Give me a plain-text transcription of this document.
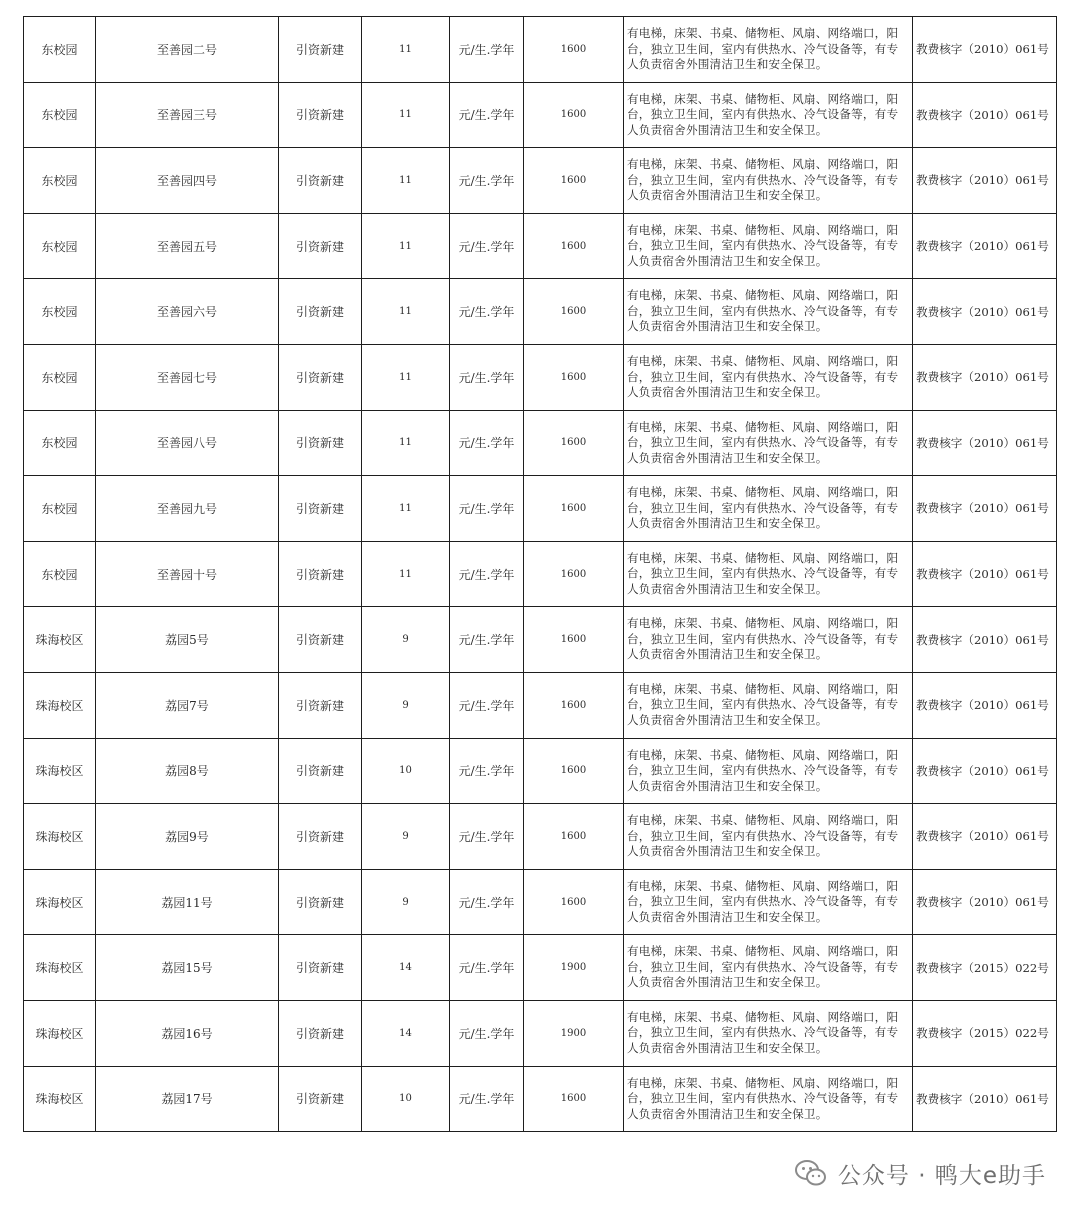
东校园	至善园二号	引资新建	11	元/生.学年	1600	有电梯，床架、书桌、储物柜、风扇、网络端口，阳台，独立卫生间，室内有供热水、冷气设备等，有专人负责宿舍外围清洁卫生和安全保卫。	教费核字（2010）061号
东校园	至善园三号	引资新建	11	元/生.学年	1600	有电梯，床架、书桌、储物柜、风扇、网络端口，阳台，独立卫生间，室内有供热水、冷气设备等，有专人负责宿舍外围清洁卫生和安全保卫。	教费核字（2010）061号
东校园	至善园四号	引资新建	11	元/生.学年	1600	有电梯，床架、书桌、储物柜、风扇、网络端口，阳台，独立卫生间，室内有供热水、冷气设备等，有专人负责宿舍外围清洁卫生和安全保卫。	教费核字（2010）061号
东校园	至善园五号	引资新建	11	元/生.学年	1600	有电梯，床架、书桌、储物柜、风扇、网络端口，阳台，独立卫生间，室内有供热水、冷气设备等，有专人负责宿舍外围清洁卫生和安全保卫。	教费核字（2010）061号
东校园	至善园六号	引资新建	11	元/生.学年	1600	有电梯，床架、书桌、储物柜、风扇、网络端口，阳台，独立卫生间，室内有供热水、冷气设备等，有专人负责宿舍外围清洁卫生和安全保卫。	教费核字（2010）061号
东校园	至善园七号	引资新建	11	元/生.学年	1600	有电梯，床架、书桌、储物柜、风扇、网络端口，阳台，独立卫生间，室内有供热水、冷气设备等，有专人负责宿舍外围清洁卫生和安全保卫。	教费核字（2010）061号
东校园	至善园八号	引资新建	11	元/生.学年	1600	有电梯，床架、书桌、储物柜、风扇、网络端口，阳台，独立卫生间，室内有供热水、冷气设备等，有专人负责宿舍外围清洁卫生和安全保卫。	教费核字（2010）061号
东校园	至善园九号	引资新建	11	元/生.学年	1600	有电梯，床架、书桌、储物柜、风扇、网络端口，阳台，独立卫生间，室内有供热水、冷气设备等，有专人负责宿舍外围清洁卫生和安全保卫。	教费核字（2010）061号
东校园	至善园十号	引资新建	11	元/生.学年	1600	有电梯，床架、书桌、储物柜、风扇、网络端口，阳台，独立卫生间，室内有供热水、冷气设备等，有专人负责宿舍外围清洁卫生和安全保卫。	教费核字（2010）061号
珠海校区	荔园5号	引资新建	9	元/生.学年	1600	有电梯，床架、书桌、储物柜、风扇、网络端口，阳台，独立卫生间，室内有供热水、冷气设备等，有专人负责宿舍外围清洁卫生和安全保卫。	教费核字（2010）061号
珠海校区	荔园7号	引资新建	9	元/生.学年	1600	有电梯，床架、书桌、储物柜、风扇、网络端口，阳台，独立卫生间，室内有供热水、冷气设备等，有专人负责宿舍外围清洁卫生和安全保卫。	教费核字（2010）061号
珠海校区	荔园8号	引资新建	10	元/生.学年	1600	有电梯，床架、书桌、储物柜、风扇、网络端口，阳台，独立卫生间，室内有供热水、冷气设备等，有专人负责宿舍外围清洁卫生和安全保卫。	教费核字（2010）061号
珠海校区	荔园9号	引资新建	9	元/生.学年	1600	有电梯，床架、书桌、储物柜、风扇、网络端口，阳台，独立卫生间，室内有供热水、冷气设备等，有专人负责宿舍外围清洁卫生和安全保卫。	教费核字（2010）061号
珠海校区	荔园11号	引资新建	9	元/生.学年	1600	有电梯，床架、书桌、储物柜、风扇、网络端口，阳台，独立卫生间，室内有供热水、冷气设备等，有专人负责宿舍外围清洁卫生和安全保卫。	教费核字（2010）061号
珠海校区	荔园15号	引资新建	14	元/生.学年	1900	有电梯，床架、书桌、储物柜、风扇、网络端口，阳台，独立卫生间，室内有供热水、冷气设备等，有专人负责宿舍外围清洁卫生和安全保卫。	教费核字（2015）022号
珠海校区	荔园16号	引资新建	14	元/生.学年	1900	有电梯，床架、书桌、储物柜、风扇、网络端口，阳台，独立卫生间，室内有供热水、冷气设备等，有专人负责宿舍外围清洁卫生和安全保卫。	教费核字（2015）022号
珠海校区	荔园17号	引资新建	10	元/生.学年	1600	有电梯，床架、书桌、储物柜、风扇、网络端口，阳台，独立卫生间，室内有供热水、冷气设备等，有专人负责宿舍外围清洁卫生和安全保卫。	教费核字（2010）061号
公众号 · 鸭大e助手
